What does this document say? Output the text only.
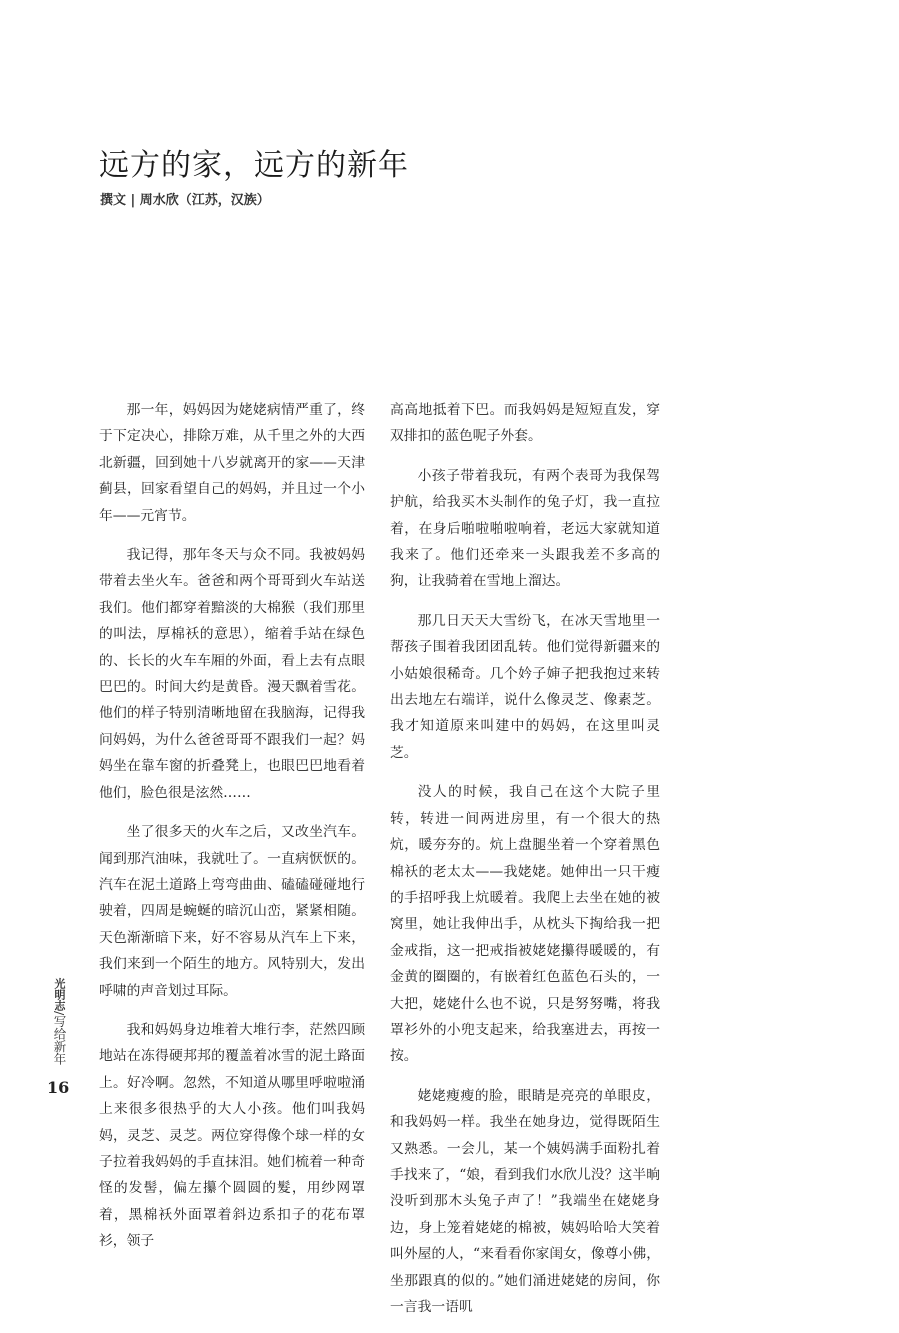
远方的家，远方的新年
撰文 | 周水欣（江苏，汉族）

那一年，妈妈因为姥姥病情严重了，终于下定决心，排除万难，从千里之外的大西北新疆，回到她十八岁就离开的家——天津蓟县，回家看望自己的妈妈，并且过一个小年——元宵节。

我记得，那年冬天与众不同。我被妈妈带着去坐火车。爸爸和两个哥哥到火车站送我们。他们都穿着黯淡的大棉猴（我们那里的叫法，厚棉袄的意思），缩着手站在绿色的、长长的火车车厢的外面，看上去有点眼巴巴的。时间大约是黄昏。漫天飘着雪花。他们的样子特别清晰地留在我脑海，记得我问妈妈，为什么爸爸哥哥不跟我们一起？妈妈坐在靠车窗的折叠凳上，也眼巴巴地看着他们，脸色很是泫然……

坐了很多天的火车之后，又改坐汽车。闻到那汽油味，我就吐了。一直病恹恹的。汽车在泥土道路上弯弯曲曲、磕磕碰碰地行驶着，四周是蜿蜒的暗沉山峦，紧紧相随。天色渐渐暗下来，好不容易从汽车上下来，我们来到一个陌生的地方。风特别大，发出呼啸的声音划过耳际。

我和妈妈身边堆着大堆行李，茫然四顾地站在冻得硬邦邦的覆盖着冰雪的泥土路面上。好冷啊。忽然，不知道从哪里呼啦啦涌上来很多很热乎的大人小孩。他们叫我妈妈，灵芝、灵芝。两位穿得像个球一样的女子拉着我妈妈的手直抹泪。她们梳着一种奇怪的发髻，偏左攥个圆圆的髮，用纱网罩着，黑棉袄外面罩着斜边系扣子的花布罩衫，领子

高高地抵着下巴。而我妈妈是短短直发，穿双排扣的蓝色呢子外套。

小孩子带着我玩，有两个表哥为我保驾护航，给我买木头制作的兔子灯，我一直拉着，在身后啪啦啪啦响着，老远大家就知道我来了。他们还牵来一头跟我差不多高的狗，让我骑着在雪地上溜达。

那几日天天大雪纷飞，在冰天雪地里一帮孩子围着我团团乱转。他们觉得新疆来的小姑娘很稀奇。几个妗子婶子把我抱过来转出去地左右端详，说什么像灵芝、像素芝。我才知道原来叫建中的妈妈，在这里叫灵芝。

没人的时候，我自己在这个大院子里转，转进一间两进房里，有一个很大的热炕，暖夯夯的。炕上盘腿坐着一个穿着黑色棉袄的老太太——我姥姥。她伸出一只干瘦的手招呼我上炕暖着。我爬上去坐在她的被窝里，她让我伸出手，从枕头下掏给我一把金戒指，这一把戒指被姥姥攥得暖暖的，有金黄的圈圈的，有嵌着红色蓝色石头的，一大把，姥姥什么也不说，只是努努嘴，将我罩衫外的小兜支起来，给我塞进去，再按一按。

姥姥瘦瘦的脸，眼睛是亮亮的单眼皮，和我妈妈一样。我坐在她身边，觉得既陌生又熟悉。一会儿，某一个姨妈满手面粉扎着手找来了，“娘，看到我们水欣儿没？这半晌没听到那木头兔子声了！”我端坐在姥姥身边，身上笼着姥姥的棉被，姨妈哈哈大笑着叫外屋的人，“来看看你家闺女，像尊小佛，坐那跟真的似的。”她们涌进姥姥的房间，你一言我一语叽

光明志/写给新年
16
